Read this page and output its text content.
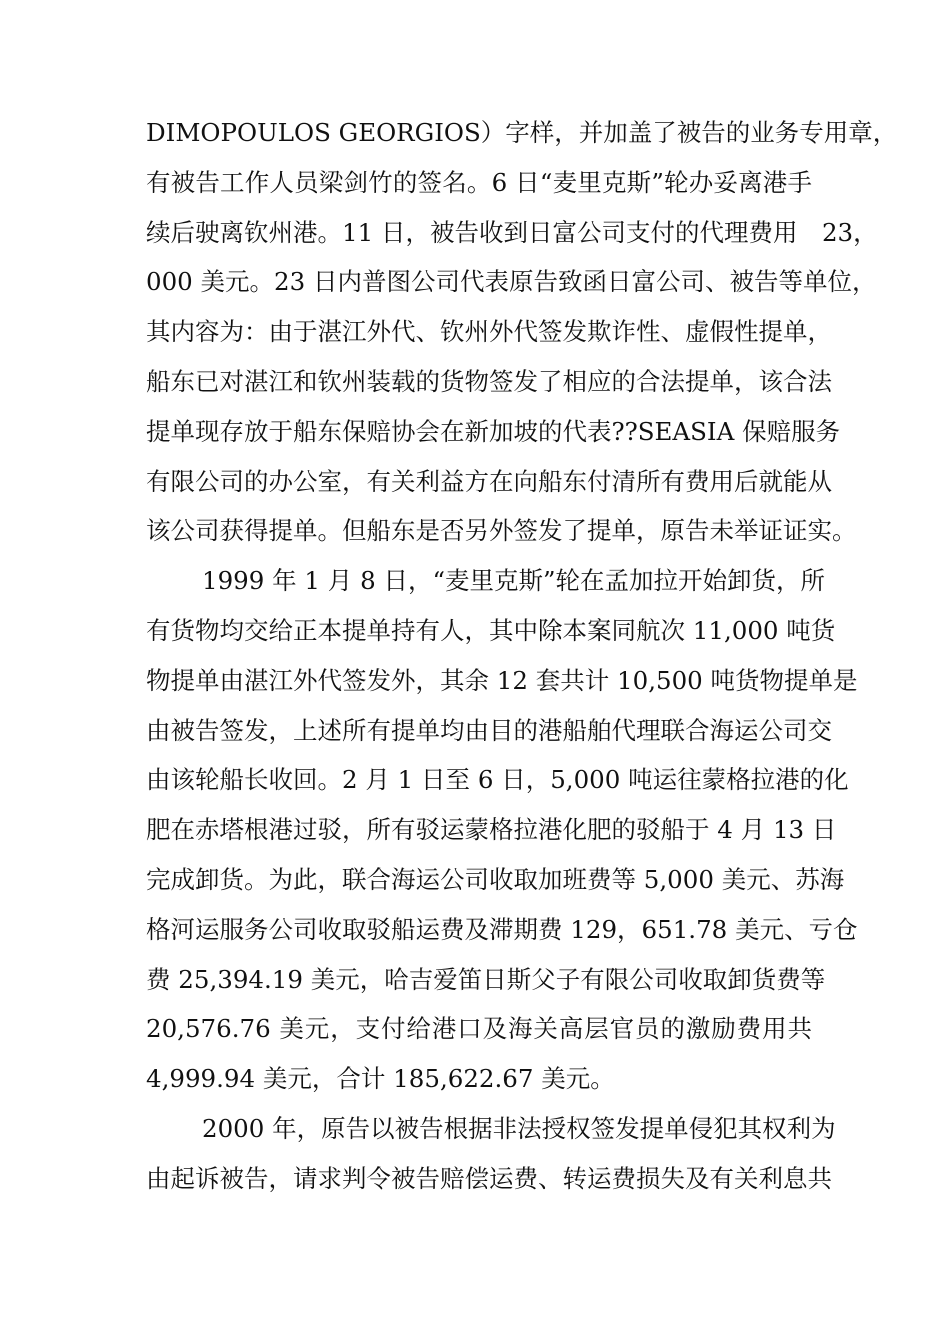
DIMOPOULOS GEORGIOS）字样，并加盖了被告的业务专用章，
有被告工作人员梁剑竹的签名。6 日“麦里克斯”轮办妥离港手
续后驶离钦州港。11 日，被告收到日富公司支付的代理费用　23，
000 美元。23 日内普图公司代表原告致函日富公司、被告等单位，
其内容为：由于湛江外代、钦州外代签发欺诈性、虚假性提单，
船东已对湛江和钦州装载的货物签发了相应的合法提单，该合法
提单现存放于船东保赔协会在新加坡的代表??SEASIA 保赔服务
有限公司的办公室，有关利益方在向船东付清所有费用后就能从
该公司获得提单。但船东是否另外签发了提单，原告未举证证实。
1999 年 1 月 8 日，“麦里克斯”轮在孟加拉开始卸货，所
有货物均交给正本提单持有人，其中除本案同航次 11,000 吨货
物提单由湛江外代签发外，其余 12 套共计 10,500 吨货物提单是
由被告签发，上述所有提单均由目的港船舶代理联合海运公司交
由该轮船长收回。2 月 1 日至 6 日，5,000 吨运往蒙格拉港的化
肥在赤塔根港过驳，所有驳运蒙格拉港化肥的驳船于 4 月 13 日
完成卸货。为此，联合海运公司收取加班费等 5,000 美元、苏海
格河运服务公司收取驳船运费及滞期费 129，651.78 美元、亏仓
费 25,394.19 美元，哈吉爱笛日斯父子有限公司收取卸货费等
20,576.76 美元，支付给港口及海关高层官员的激励费用共
4,999.94 美元，合计 185,622.67 美元。
2000 年，原告以被告根据非法授权签发提单侵犯其权利为
由起诉被告，请求判令被告赔偿运费、转运费损失及有关利息共
